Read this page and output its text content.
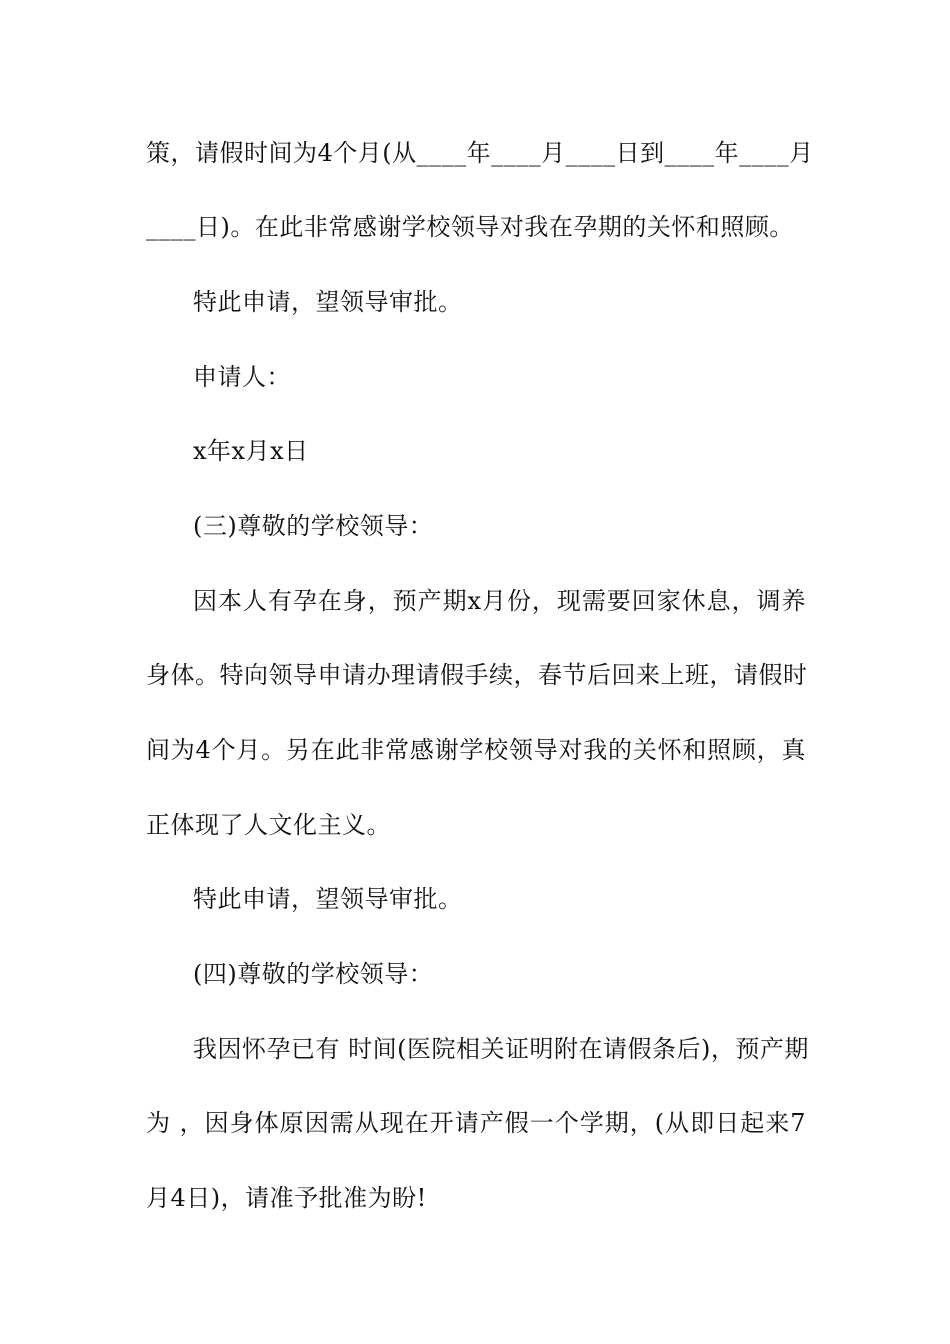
策，请假时间为4个月(从____年____月____日到____年____月
____日)。在此非常感谢学校领导对我在孕期的关怀和照顾。
特此申请，望领导审批。
申请人：
x年x月x日
(三)尊敬的学校领导：
因本人有孕在身，预产期x月份，现需要回家休息，调养
身体。特向领导申请办理请假手续，春节后回来上班，请假时
间为4个月。另在此非常感谢学校领导对我的关怀和照顾，真
正体现了人文化主义。
特此申请，望领导审批。
(四)尊敬的学校领导：
我因怀孕已有 时间(医院相关证明附在请假条后)，预产期
为 ，因身体原因需从现在开请产假一个学期，(从即日起来7
月4日)，请准予批准为盼!
